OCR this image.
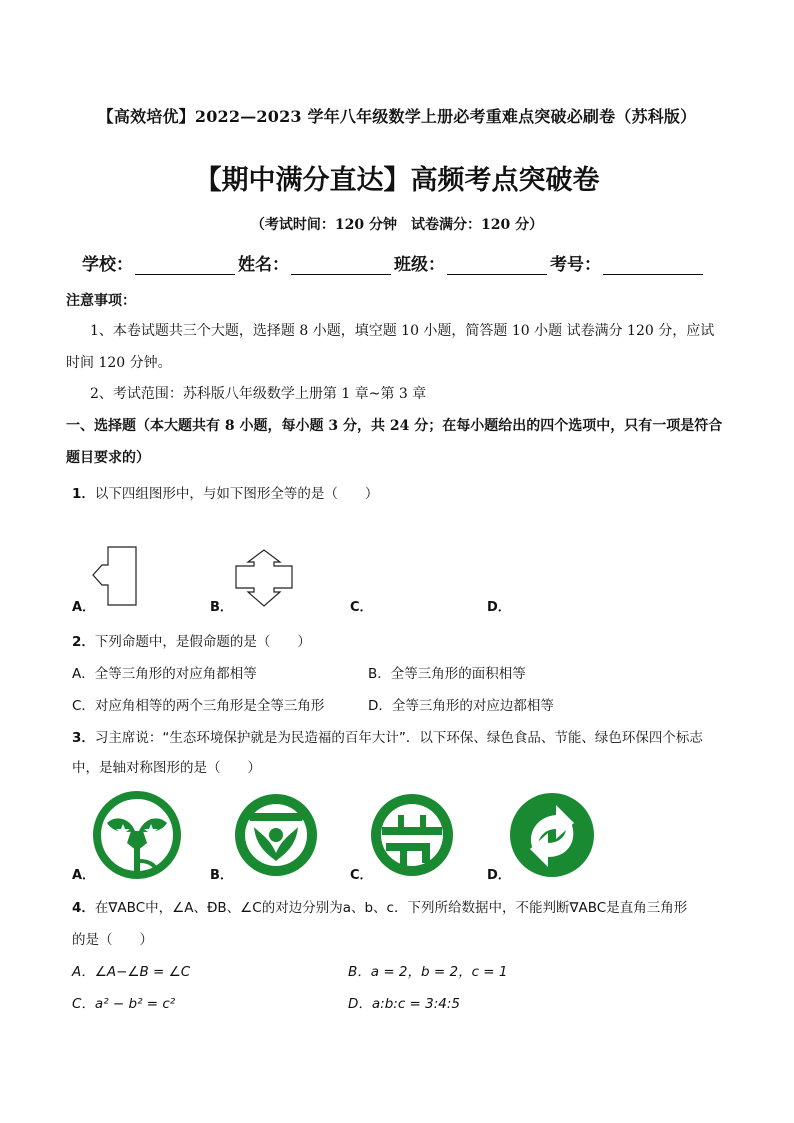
【高效培优】2022—2023 学年八年级数学上册必考重难点突破必刷卷（苏科版）
【期中满分直达】高频考点突破卷
（考试时间：120 分钟　试卷满分：120 分）
学校：	姓名：	班级：	考号：
注意事项：
1、本卷试题共三个大题，选择题 8 小题，填空题 10 小题，简答题 10 小题 试卷满分 120 分，应试时间 120 分钟。
2、考试范围：苏科版八年级数学上册第 1 章~第 3 章
一、选择题（本大题共有 8 小题，每小题 3 分，共 24 分；在每小题给出的四个选项中，只有一项是符合题目要求的）
1．以下四组图形中，与如下图形全等的是（　　）
A．	B．	C．	D．
2．下列命题中，是假命题的是（　　）
A．全等三角形的对应角都相等	B．全等三角形的面积相等
C．对应角相等的两个三角形是全等三角形	D．全等三角形的对应边都相等
3．习主席说：“生态环境保护就是为民造福的百年大计”．以下环保、绿色食品、节能、绿色环保四个标志
中，是轴对称图形的是（　　）
A．	B．	C．	D．
4．在∇ABC中，∠A、ÐB、∠C的对边分别为a、b、c．下列所给数据中，不能判断∇ABC是直角三角形
的是（　　）
A．∠A−∠B = ∠C	B．a = 2，b = 2，c = 1
C．a² − b² = c²	D．a:b:c = 3:4:5
